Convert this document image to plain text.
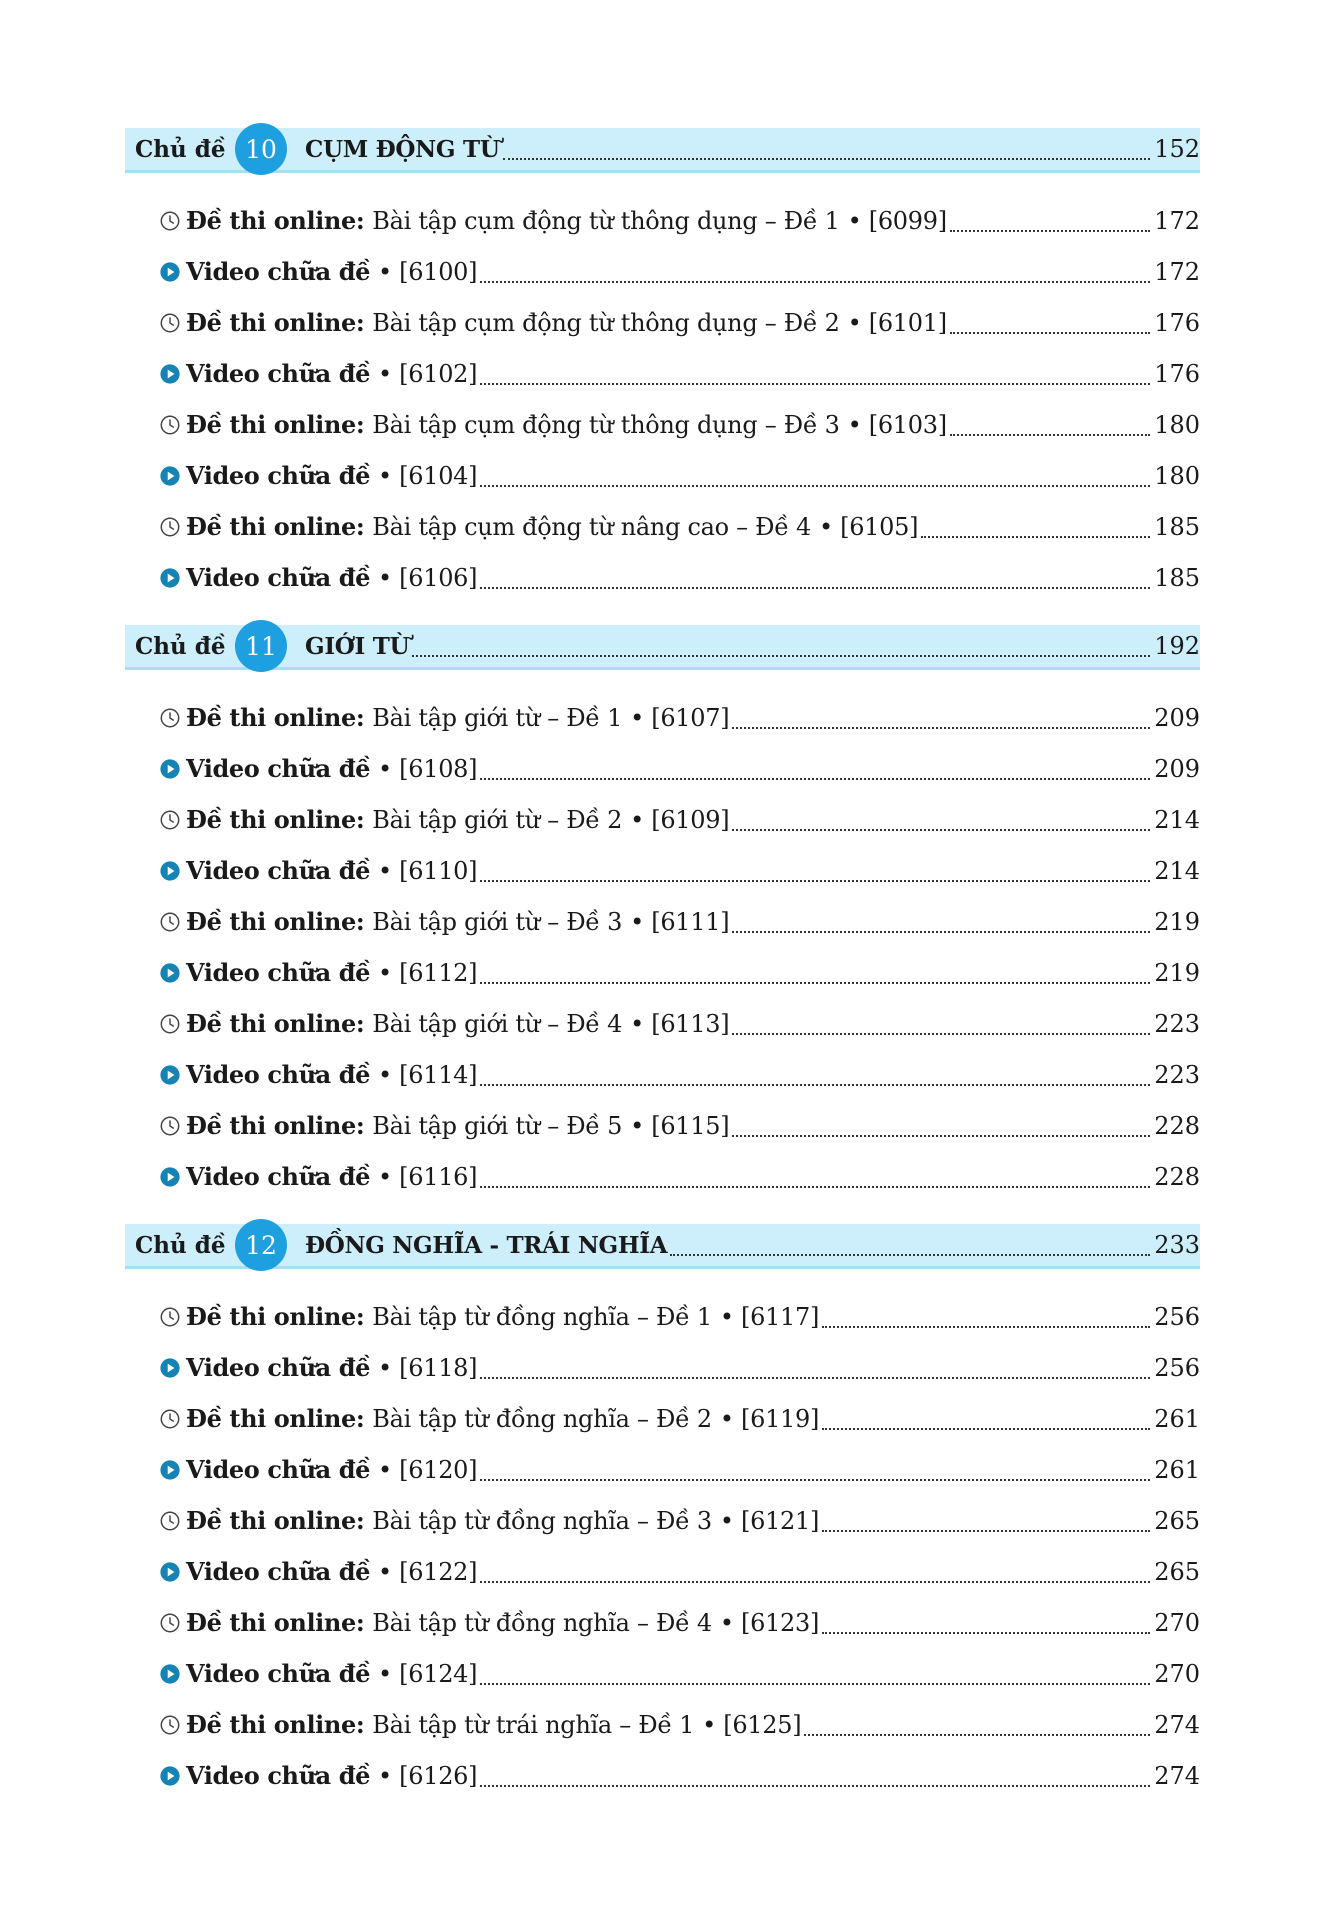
Chủ đề 10	CỤM ĐỘNG TỪ	152
Đề thi online: Bài tập cụm động từ thông dụng – Đề 1 • [6099]	172
Video chữa đề • [6100]	172
Đề thi online: Bài tập cụm động từ thông dụng – Đề 2 • [6101]	176
Video chữa đề • [6102]	176
Đề thi online: Bài tập cụm động từ thông dụng – Đề 3 • [6103]	180
Video chữa đề • [6104]	180
Đề thi online: Bài tập cụm động từ nâng cao – Đề 4 • [6105]	185
Video chữa đề • [6106]	185
Chủ đề 11	GIỚI TỪ	192
Đề thi online: Bài tập giới từ – Đề 1 • [6107]	209
Video chữa đề • [6108]	209
Đề thi online: Bài tập giới từ – Đề 2 • [6109]	214
Video chữa đề • [6110]	214
Đề thi online: Bài tập giới từ – Đề 3 • [6111]	219
Video chữa đề • [6112]	219
Đề thi online: Bài tập giới từ – Đề 4 • [6113]	223
Video chữa đề • [6114]	223
Đề thi online: Bài tập giới từ – Đề 5 • [6115]	228
Video chữa đề • [6116]	228
Chủ đề 12	ĐỒNG NGHĨA - TRÁI NGHĨA	233
Đề thi online: Bài tập từ đồng nghĩa – Đề 1 • [6117]	256
Video chữa đề • [6118]	256
Đề thi online: Bài tập từ đồng nghĩa – Đề 2 • [6119]	261
Video chữa đề • [6120]	261
Đề thi online: Bài tập từ đồng nghĩa – Đề 3 • [6121]	265
Video chữa đề • [6122]	265
Đề thi online: Bài tập từ đồng nghĩa – Đề 4 • [6123]	270
Video chữa đề • [6124]	270
Đề thi online: Bài tập từ trái nghĩa – Đề 1 • [6125]	274
Video chữa đề • [6126]	274
